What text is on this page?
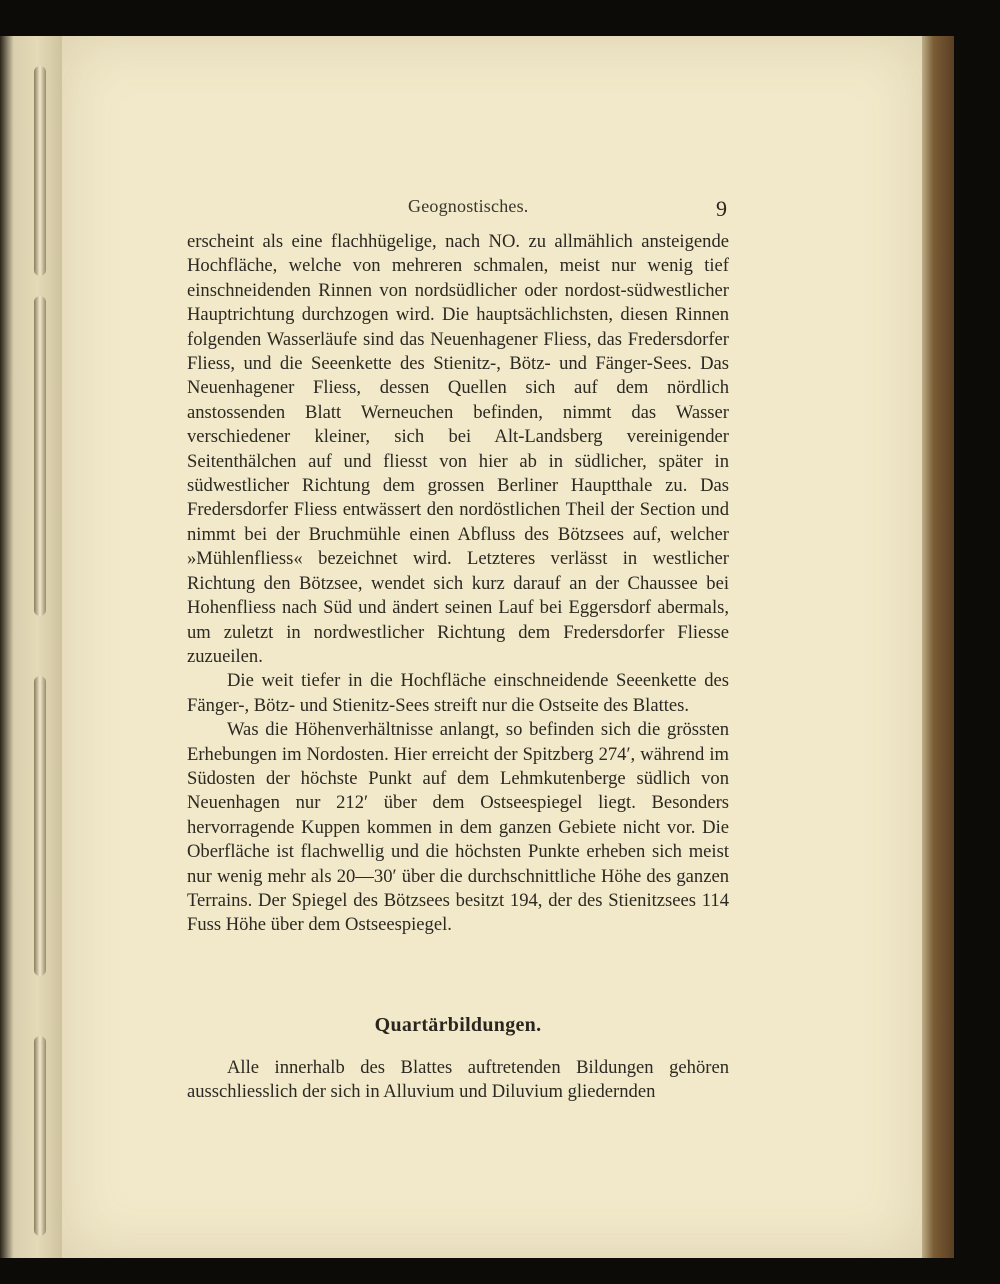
Geognostisches.	9

erscheint als eine flachhügelige, nach NO. zu allmählich ansteigende Hochfläche, welche von mehreren schmalen, meist nur wenig tief einschneidenden Rinnen von nordsüdlicher oder nordost-südwestlicher Hauptrichtung durchzogen wird. Die hauptsächlichsten, diesen Rinnen folgenden Wasserläufe sind das Neuenhagener Fliess, das Fredersdorfer Fliess, und die Seeenkette des Stienitz-, Bötz- und Fänger-Sees. Das Neuenhagener Fliess, dessen Quellen sich auf dem nördlich anstossenden Blatt Werneuchen befinden, nimmt das Wasser verschiedener kleiner, sich bei Alt-Landsberg vereinigender Seitenthälchen auf und fliesst von hier ab in südlicher, später in südwestlicher Richtung dem grossen Berliner Hauptthale zu. Das Fredersdorfer Fliess entwässert den nordöstlichen Theil der Section und nimmt bei der Bruchmühle einen Abfluss des Bötzsees auf, welcher »Mühlenfliess« bezeichnet wird. Letzteres verlässt in westlicher Richtung den Bötzsee, wendet sich kurz darauf an der Chaussee bei Hohenfliess nach Süd und ändert seinen Lauf bei Eggersdorf abermals, um zuletzt in nordwestlicher Richtung dem Fredersdorfer Fliesse zuzueilen.

Die weit tiefer in die Hochfläche einschneidende Seeenkette des Fänger-, Bötz- und Stienitz-Sees streift nur die Ostseite des Blattes.

Was die Höhenverhältnisse anlangt, so befinden sich die grössten Erhebungen im Nordosten. Hier erreicht der Spitzberg 274′, während im Südosten der höchste Punkt auf dem Lehmkutenberge südlich von Neuenhagen nur 212′ über dem Ostseespiegel liegt. Besonders hervorragende Kuppen kommen in dem ganzen Gebiete nicht vor. Die Oberfläche ist flachwellig und die höchsten Punkte erheben sich meist nur wenig mehr als 20—30′ über die durchschnittliche Höhe des ganzen Terrains. Der Spiegel des Bötzsees besitzt 194, der des Stienitzsees 114 Fuss Höhe über dem Ostseespiegel.

Quartärbildungen.

Alle innerhalb des Blattes auftretenden Bildungen gehören ausschliesslich der sich in Alluvium und Diluvium gliedernden
